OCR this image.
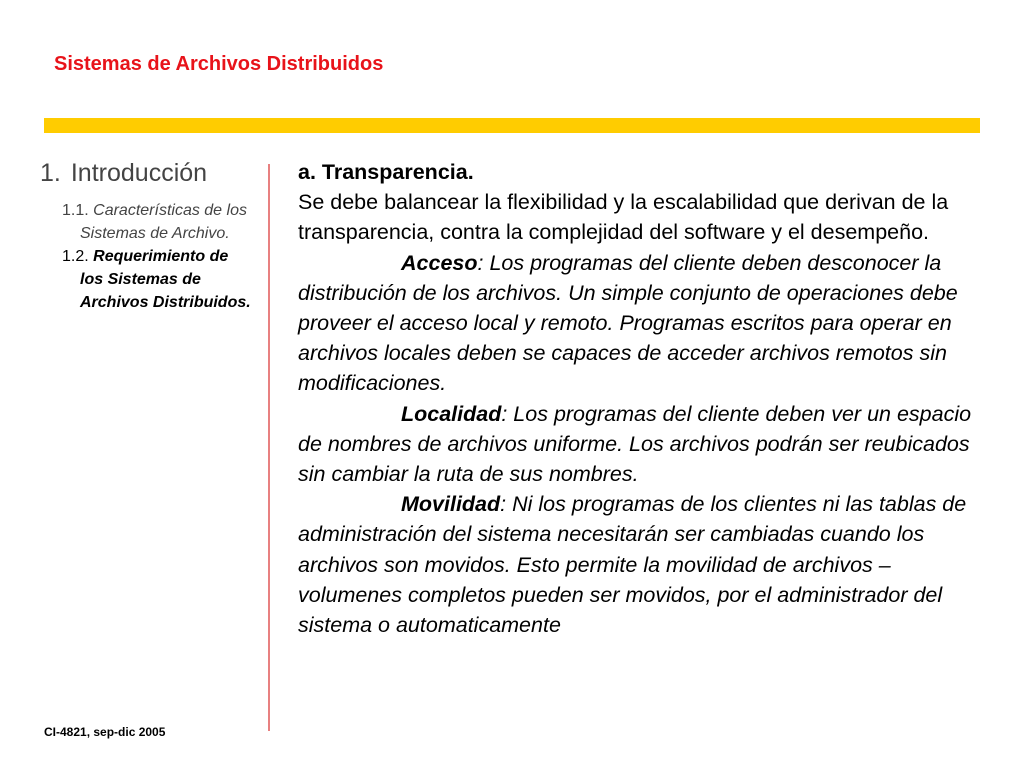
Sistemas de Archivos Distribuidos
1. Introducción
1.1. Características de los Sistemas de Archivo.
1.2. Requerimiento de los Sistemas de Archivos Distribuidos.
a. Transparencia.
Se debe balancear la flexibilidad y la escalabilidad que derivan de la transparencia, contra la complejidad del software y el desempeño.
Acceso: Los programas del cliente deben desconocer la distribución de los archivos. Un simple conjunto de operaciones debe proveer el acceso local y remoto. Programas escritos para operar en archivos locales deben se capaces de acceder archivos remotos sin modificaciones.
Localidad: Los programas del cliente deben ver un espacio de nombres de archivos uniforme. Los archivos podrán ser reubicados sin cambiar la ruta de sus nombres.
Movilidad: Ni los programas de los clientes ni las tablas de administración del sistema necesitarán ser cambiadas cuando los archivos son movidos. Esto permite la movilidad de archivos – volumenes completos pueden ser movidos, por el administrador del sistema o automaticamente
CI-4821, sep-dic 2005
